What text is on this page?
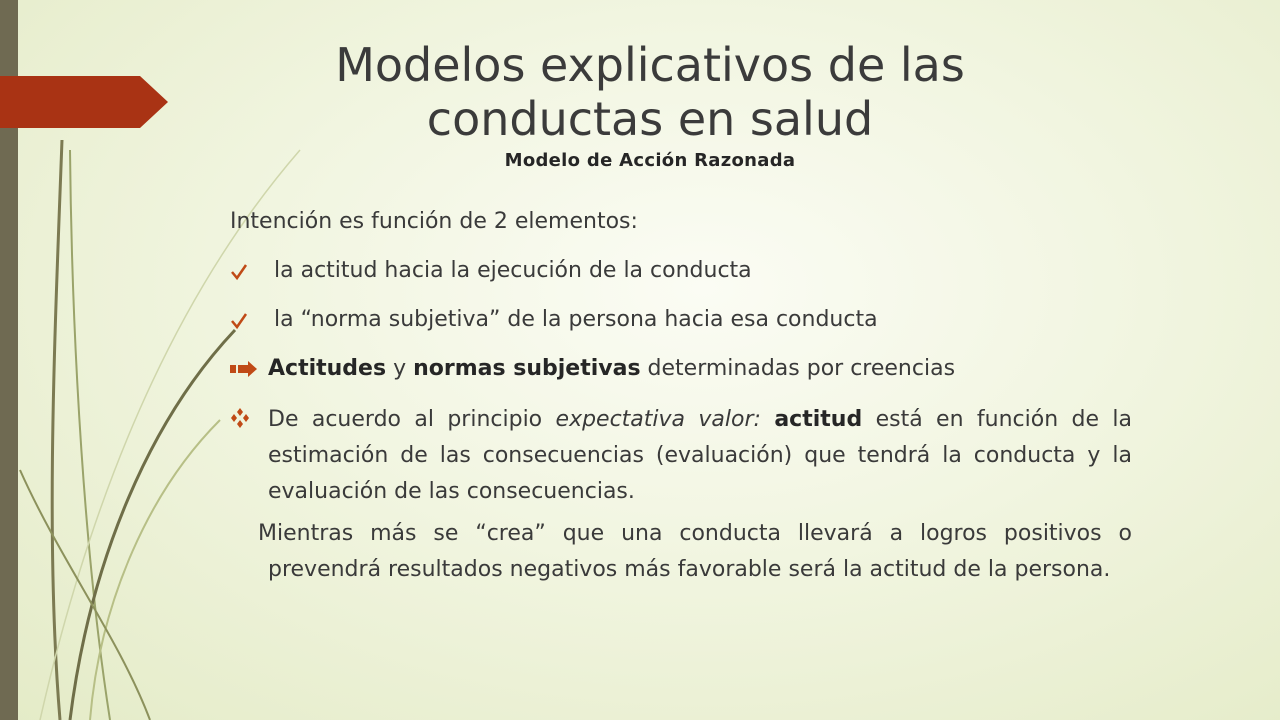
Modelos explicativos de las conductas en salud
Modelo de Acción Razonada
Intención es función de 2 elementos:
la actitud hacia la ejecución de la conducta
la “norma subjetiva” de la persona hacia esa conducta
Actitudes y normas subjetivas determinadas por creencias
De acuerdo al principio expectativa valor: actitud está en función de la estimación de las consecuencias (evaluación) que tendrá la conducta y la evaluación de las consecuencias.
Mientras más se “crea” que una conducta llevará a logros positivos o prevendrá resultados negativos más favorable será la actitud de la persona.
